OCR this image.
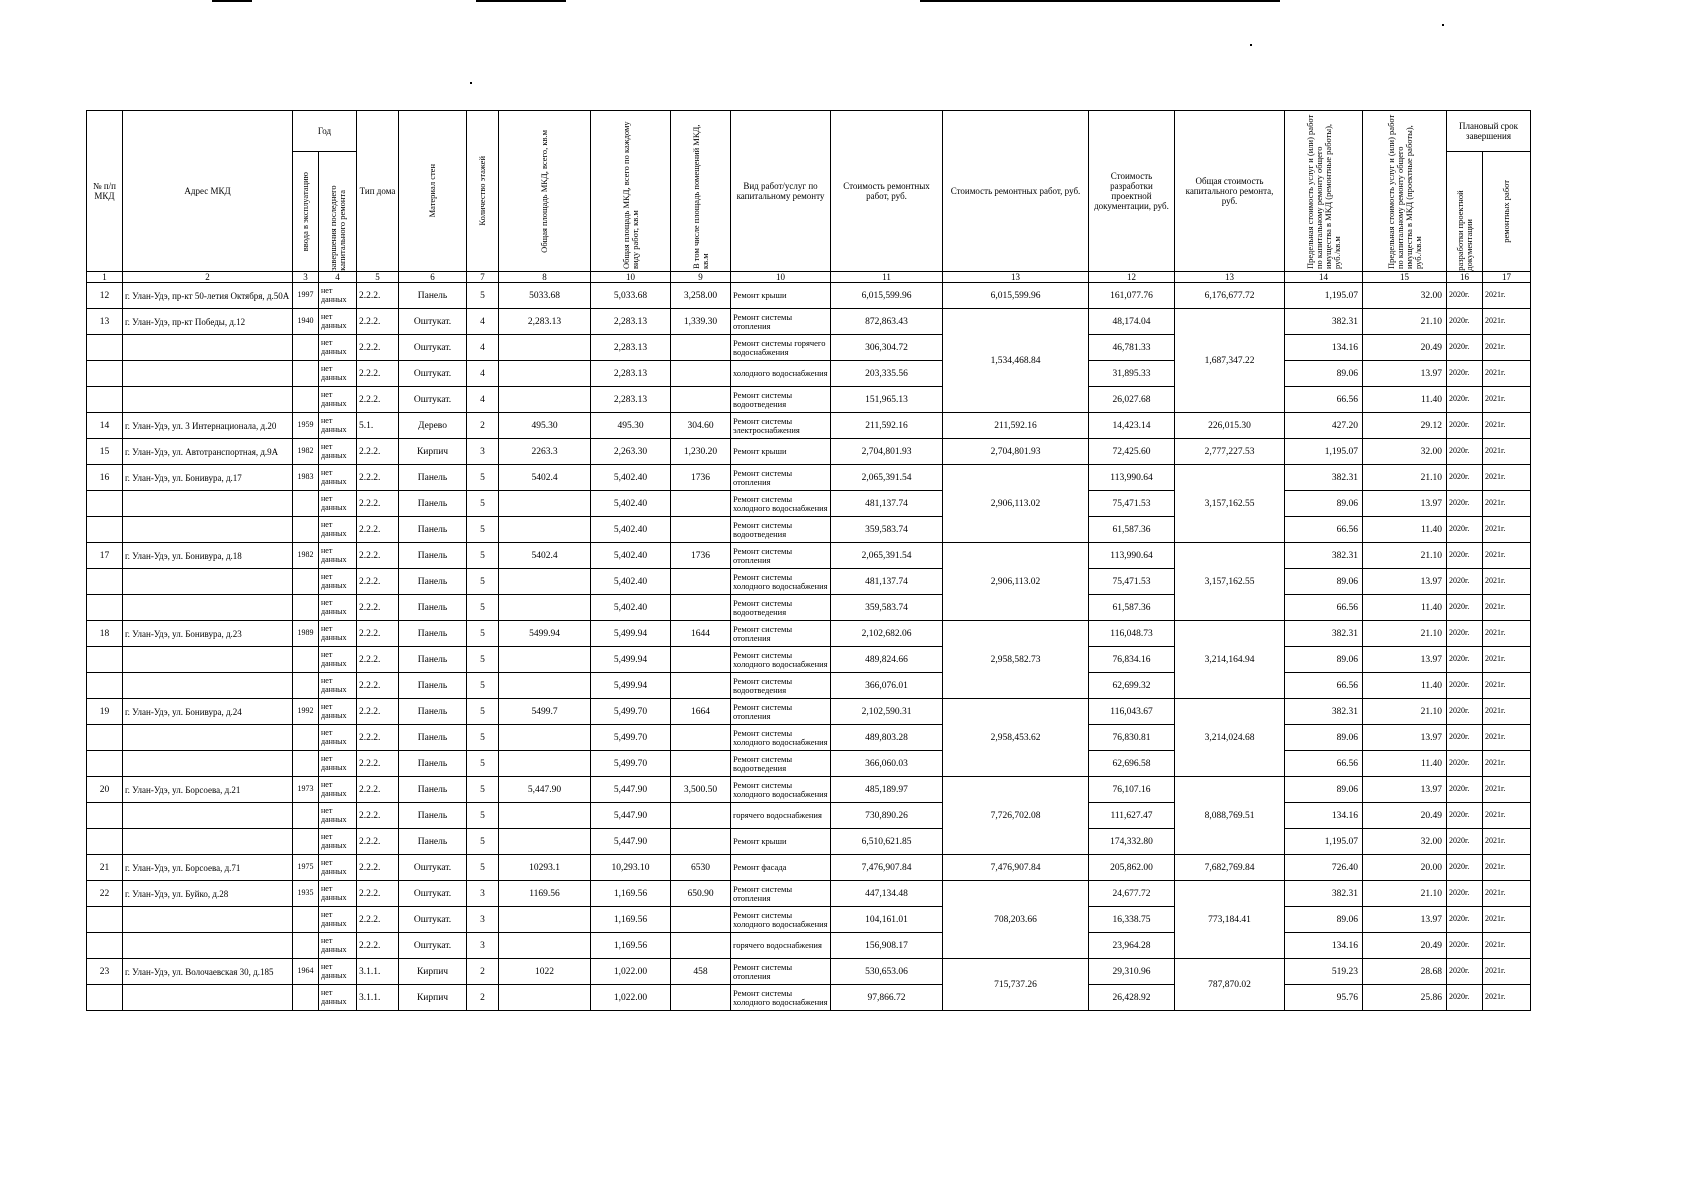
№ п/п МКД	Адрес МКД	Год		Тип дома	Материал стен	Количество этажей	Общая площадь МКД, всего, кв.м	Общая площадь МКД, всего по каждому виду работ, кв.м	В том числе площадь помещений МКД, кв.м	Вид работ/услуг по капитальному ремонту	Стоимость ремонтных работ, руб.	Стоимость ремонтных работ, руб.	Стоимость разработки проектной документации, руб.	Общая стоимость капитального ремонта, руб.	Предельная стоимость услуг и (или) работ по капитальному ремонту общего имущества в МКД (ремонтные работы), руб./кв.м	Предельная стоимость услуг и (или) работ по капитальному ремонту общего имущества в МКД (проектные работы), руб./кв.м	Плановый срок завершения	

		ввода в эксплуатацию	завершения последнего капитального ремонта														разработки проектной документации	ремонтных работ

1	2	3	4	5	6	7	8	10	9	10	11	13	12	13	14	15	16	17
12	г. Улан-Удэ, пр-кт 50-летия Октября, д.50А	1997	нет данных	2.2.2.	Панель	5	5033.68	5,033.68	3,258.00	Ремонт крыши	6,015,599.96	6,015,599.96	161,077.76	6,176,677.72	1,195.07	32.00	2020г.	2021г.
13	г. Улан-Удэ, пр-кт Победы, д.12	1940	нет данных	2.2.2.	Оштукат.	4	2,283.13	2,283.13	1,339.30	Ремонт системы отопления	872,863.43	1,534,468.84	48,174.04	1,687,347.22	382.31	21.10	2020г.	2021г.
			нет данных	2.2.2.	Оштукат.	4		2,283.13		Ремонт системы горячего водоснабжения	306,304.72		46,781.33		134.16	20.49	2020г.	2021г.
			нет данных	2.2.2.	Оштукат.	4		2,283.13		холодного водоснабжения	203,335.56		31,895.33		89.06	13.97	2020г.	2021г.
			нет данных	2.2.2.	Оштукат.	4		2,283.13		Ремонт системы водоотведения	151,965.13		26,027.68		66.56	11.40	2020г.	2021г.
14	г. Улан-Удэ, ул. 3 Интернационала, д.20	1959	нет данных	5.1.	Дерево	2	495.30	495.30	304.60	Ремонт системы электроснабжения	211,592.16	211,592.16	14,423.14	226,015.30	427.20	29.12	2020г.	2021г.
15	г. Улан-Удэ, ул. Автотранспортная, д.9А	1982	нет данных	2.2.2.	Кирпич	3	2263.3	2,263.30	1,230.20	Ремонт крыши	2,704,801.93	2,704,801.93	72,425.60	2,777,227.53	1,195.07	32.00	2020г.	2021г.
16	г. Улан-Удэ, ул. Бонивура, д.17	1983	нет данных	2.2.2.	Панель	5	5402.4	5,402.40	1736	Ремонт системы отопления	2,065,391.54	2,906,113.02	113,990.64	3,157,162.55	382.31	21.10	2020г.	2021г.
			нет данных	2.2.2.	Панель	5		5,402.40		Ремонт системы холодного водоснабжения	481,137.74		75,471.53		89.06	13.97	2020г.	2021г.
			нет данных	2.2.2.	Панель	5		5,402.40		Ремонт системы водоотведения	359,583.74		61,587.36		66.56	11.40	2020г.	2021г.
17	г. Улан-Удэ, ул. Бонивура, д.18	1982	нет данных	2.2.2.	Панель	5	5402.4	5,402.40	1736	Ремонт системы отопления	2,065,391.54	2,906,113.02	113,990.64	3,157,162.55	382.31	21.10	2020г.	2021г.
			нет данных	2.2.2.	Панель	5		5,402.40		Ремонт системы холодного водоснабжения	481,137.74		75,471.53		89.06	13.97	2020г.	2021г.
			нет данных	2.2.2.	Панель	5		5,402.40		Ремонт системы водоотведения	359,583.74		61,587.36		66.56	11.40	2020г.	2021г.
18	г. Улан-Удэ, ул. Бонивура, д.23	1989	нет данных	2.2.2.	Панель	5	5499.94	5,499.94	1644	Ремонт системы отопления	2,102,682.06	2,958,582.73	116,048.73	3,214,164.94	382.31	21.10	2020г.	2021г.
			нет данных	2.2.2.	Панель	5		5,499.94		Ремонт системы холодного водоснабжения	489,824.66		76,834.16		89.06	13.97	2020г.	2021г.
			нет данных	2.2.2.	Панель	5		5,499.94		Ремонт системы водоотведения	366,076.01		62,699.32		66.56	11.40	2020г.	2021г.
19	г. Улан-Удэ, ул. Бонивура, д.24	1992	нет данных	2.2.2.	Панель	5	5499.7	5,499.70	1664	Ремонт системы отопления	2,102,590.31	2,958,453.62	116,043.67	3,214,024.68	382.31	21.10	2020г.	2021г.
			нет данных	2.2.2.	Панель	5		5,499.70		Ремонт системы холодного водоснабжения	489,803.28		76,830.81		89.06	13.97	2020г.	2021г.
			нет данных	2.2.2.	Панель	5		5,499.70		Ремонт системы водоотведения	366,060.03		62,696.58		66.56	11.40	2020г.	2021г.
20	г. Улан-Удэ, ул. Борсоева, д.21	1973	нет данных	2.2.2.	Панель	5	5,447.90	5,447.90	3,500.50	Ремонт системы холодного водоснабжения	485,189.97	7,726,702.08	76,107.16	8,088,769.51	89.06	13.97	2020г.	2021г.
			нет данных	2.2.2.	Панель	5		5,447.90		горячего водоснабжения	730,890.26		111,627.47		134.16	20.49	2020г.	2021г.
			нет данных	2.2.2.	Панель	5		5,447.90		Ремонт крыши	6,510,621.85		174,332.80		1,195.07	32.00	2020г.	2021г.
21	г. Улан-Удэ, ул. Борсоева, д.71	1975	нет данных	2.2.2.	Оштукат.	5	10293.1	10,293.10	6530	Ремонт фасада	7,476,907.84	7,476,907.84	205,862.00	7,682,769.84	726.40	20.00	2020г.	2021г.
22	г. Улан-Удэ, ул. Буйко, д.28	1935	нет данных	2.2.2.	Оштукат.	3	1169.56	1,169.56	650.90	Ремонт системы отопления	447,134.48	708,203.66	24,677.72	773,184.41	382.31	21.10	2020г.	2021г.
			нет данных	2.2.2.	Оштукат.	3		1,169.56		Ремонт системы холодного водоснабжения	104,161.01		16,338.75		89.06	13.97	2020г.	2021г.
			нет данных	2.2.2.	Оштукат.	3		1,169.56		горячего водоснабжения	156,908.17		23,964.28		134.16	20.49	2020г.	2021г.
23	г. Улан-Удэ, ул. Волочаевская 30, д.185	1964	нет данных	3.1.1.	Кирпич	2	1022	1,022.00	458	Ремонт системы отопления	530,653.06	715,737.26	29,310.96	787,870.02	519.23	28.68	2020г.	2021г.
			нет данных	3.1.1.	Кирпич	2		1,022.00		Ремонт системы холодного водоснабжения	97,866.72		26,428.92		95.76	25.86	2020г.	2021г.
